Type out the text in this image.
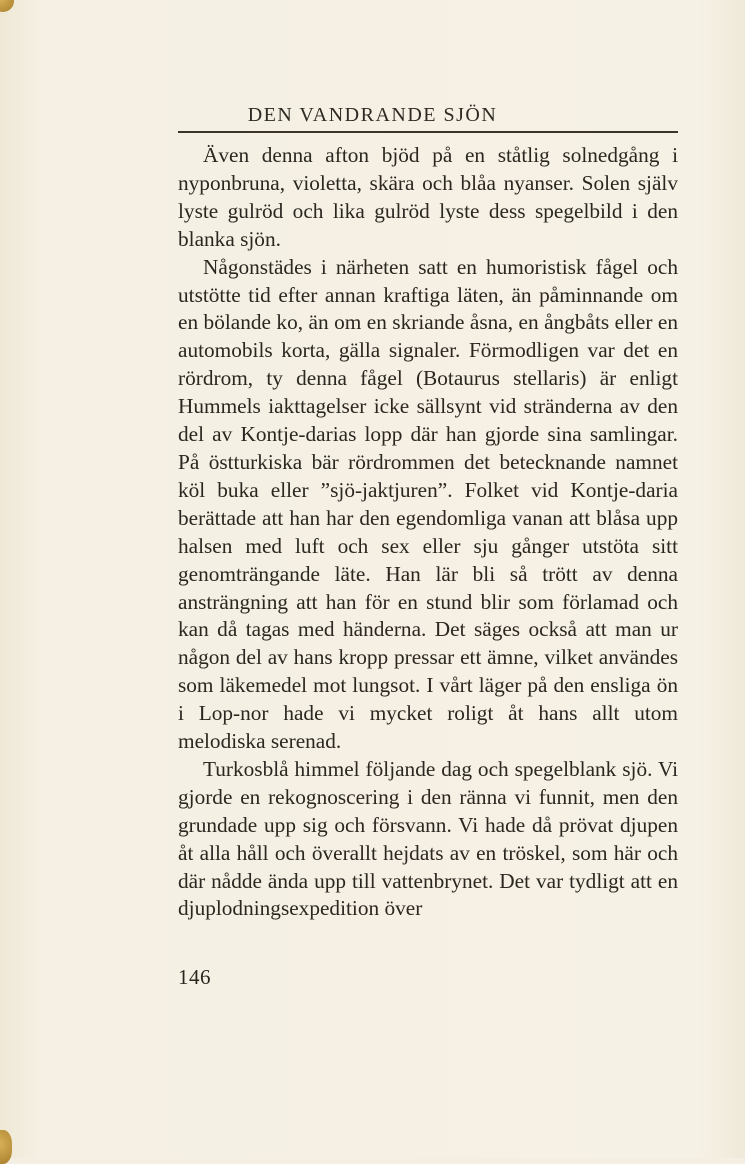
DEN VANDRANDE SJÖN

Även denna afton bjöd på en ståtlig solnedgång i nyponbruna, violetta, skära och blåa nyanser. Solen själv lyste gulröd och lika gulröd lyste dess spegelbild i den blanka sjön.

Någonstädes i närheten satt en humoristisk fågel och utstötte tid efter annan kraftiga läten, än påminnande om en bölande ko, än om en skriande åsna, en ångbåts eller en automobils korta, gälla signaler. Förmodligen var det en rördrom, ty denna fågel (Botaurus stellaris) är enligt Hummels iakttagelser icke sällsynt vid stränderna av den del av Kontje-darias lopp där han gjorde sina samlingar. På östturkiska bär rördrommen det betecknande namnet köl buka eller ”sjö-jaktjuren”. Folket vid Kontje-daria berättade att han har den egendomliga vanan att blåsa upp halsen med luft och sex eller sju gånger utstöta sitt genomträngande läte. Han lär bli så trött av denna ansträngning att han för en stund blir som förlamad och kan då tagas med händerna. Det säges också att man ur någon del av hans kropp pressar ett ämne, vilket användes som läkemedel mot lungsot. I vårt läger på den ensliga ön i Lop-nor hade vi mycket roligt åt hans allt utom melodiska serenad.

Turkosblå himmel följande dag och spegelblank sjö. Vi gjorde en rekognoscering i den ränna vi funnit, men den grundade upp sig och försvann. Vi hade då prövat djupen åt alla håll och överallt hejdats av en tröskel, som här och där nådde ända upp till vattenbrynet. Det var tydligt att en djuplodningsexpedition över

146
